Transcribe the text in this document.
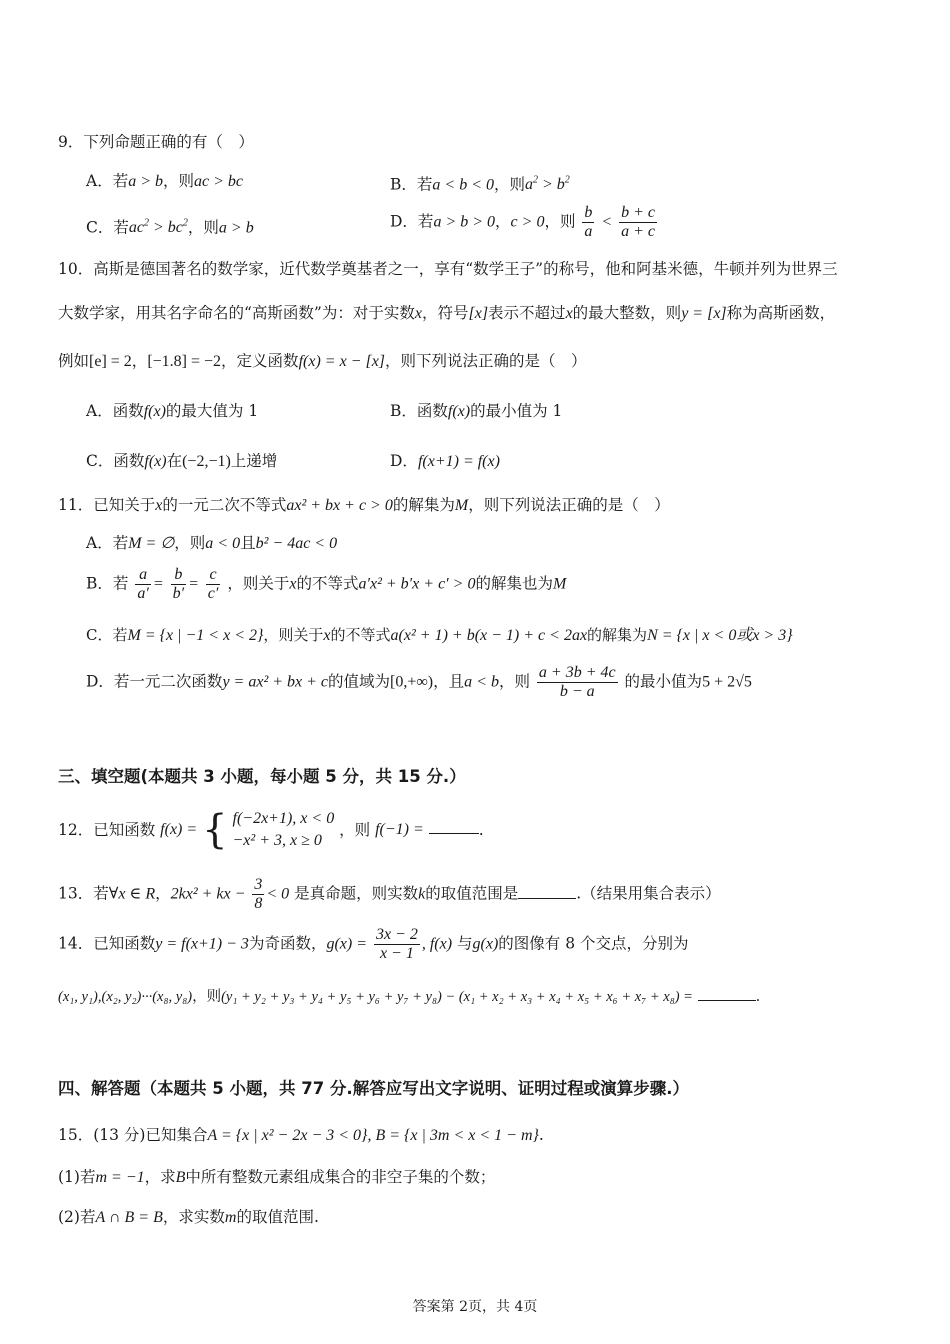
9．下列命题正确的有（　）
A．若a > b，则ac > bc	B．若a < b < 0，则$a^2 > b^2$
C．若$ac^2 > bc^2$，则a > b	D．若a > b > 0，c > 0，则 $\frac{b}{a} < \frac{b + c}{a + c}$
10．高斯是德国著名的数学家，近代数学奠基者之一，享有“数学王子”的称号，他和阿基米德，牛顿并列为世界三
大数学家，用其名字命名的“高斯函数”为：对于实数x，符号[x]表示不超过x的最大整数，则y = [x]称为高斯函数，
例如[e] = 2，[−1.8] = −2，定义函数f(x) = x − [x]，则下列说法正确的是（　）
A．函数f(x)的最大值为 1	B．函数f(x)的最小值为 1
C．函数f(x)在(−2,−1)上递增	D．f(x+1) = f(x)
11．已知关于x的一元二次不等式ax² + bx + c > 0的解集为M，则下列说法正确的是（　）
A．若M = ∅，则a < 0且b² − 4ac < 0
B．若 $\frac{a}{a'} = \frac{b}{b'} = \frac{c}{c'}$ ，则关于x的不等式a′x² + b′x + c′ > 0的解集也为M
C．若M = {x | −1 < x < 2}，则关于x的不等式a(x² + 1) + b(x − 1) + c < 2ax的解集为N = {x | x < 0或x > 3}
D．若一元二次函数y = ax² + bx + c的值域为[0,+∞)，且a < b，则 $\frac{a + 3b + 4c}{b - a}$ 的最小值为5 + 2√5
三、填空题(本题共 3 小题，每小题 5 分，共 15 分.）
12．已知函数 f(x) = { f(−2x+1), x < 0
−x² + 3, x ≥ 0
，则 f(−1) =	.
13．若∀x ∈ R，2kx² + kx − $\frac{3}{8} < 0$ 是真命题，则实数k的取值范围是	.（结果用集合表示）
14．已知函数y = f(x+1) − 3为奇函数，$g(x) = \frac{3x - 2}{x - 1}$ , f(x) 与g(x)的图像有 8 个交点，分别为
(x₁, y₁),(x₂, y₂)···(x₈, y₈)，则(y₁ + y₂ + y₃ + y₄ + y₅ + y₆ + y₇ + y₈) − (x₁ + x₂ + x₃ + x₄ + x₅ + x₆ + x₇ + x₈) =	.
四、解答题（本题共 5 小题，共 77 分.解答应写出文字说明、证明过程或演算步骤.）
15．(13 分)已知集合A = {x | x² − 2x − 3 < 0}, B = {x | 3m < x < 1 − m}.
(1)若m = −1，求B中所有整数元素组成集合的非空子集的个数；
(2)若A ∩ B = B，求实数m的取值范围.
答案第 2页，共 4页
